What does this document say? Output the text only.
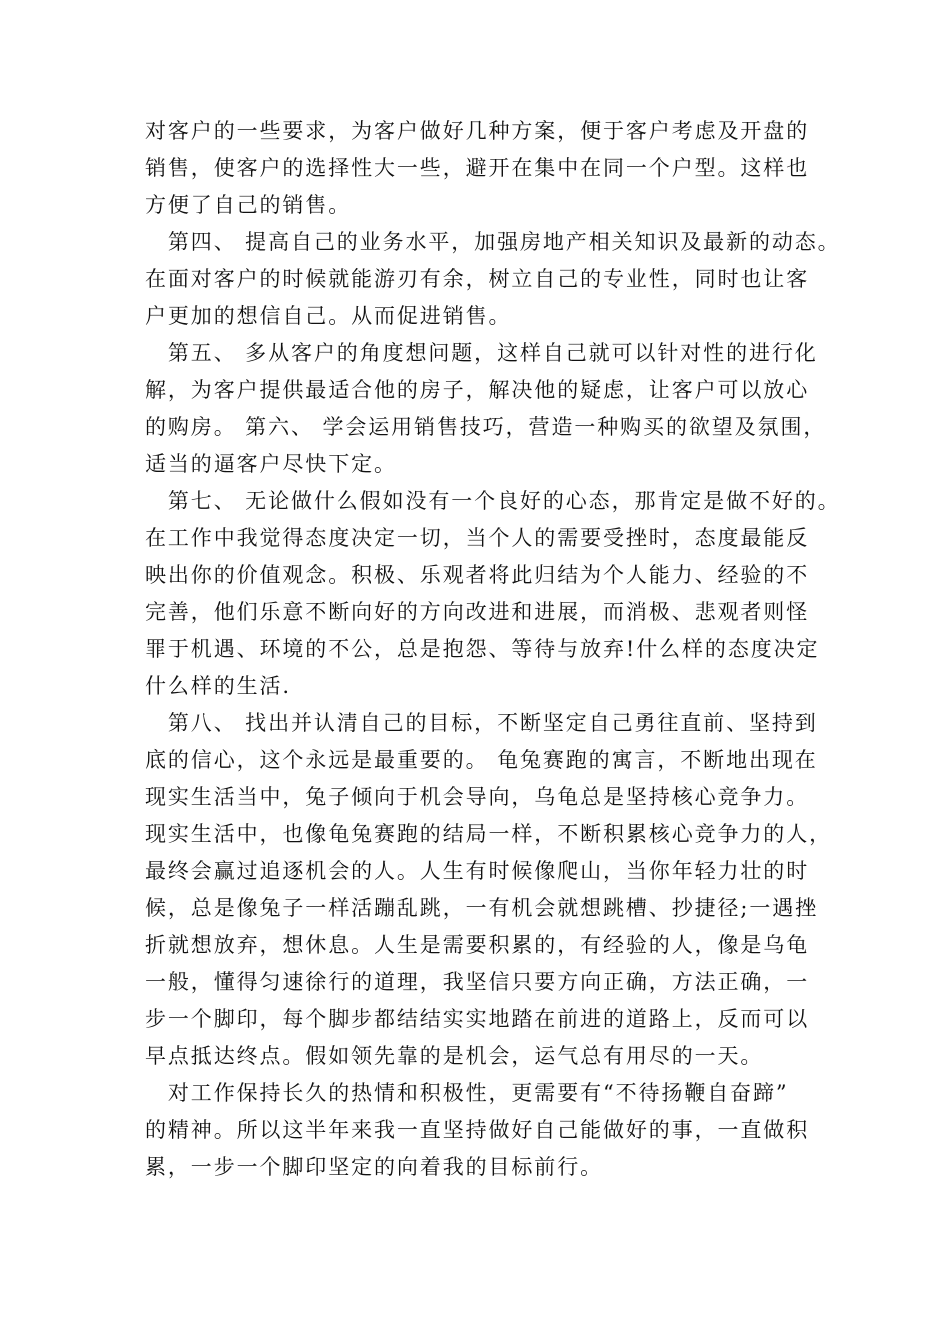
对客户的一些要求，为客户做好几种方案，便于客户考虑及开盘的
销售，使客户的选择性大一些，避开在集中在同一个户型。这样也
方便了自己的销售。
　第四、 提高自己的业务水平，加强房地产相关知识及最新的动态。
在面对客户的时候就能游刃有余，树立自己的专业性，同时也让客
户更加的想信自己。从而促进销售。
　第五、 多从客户的角度想问题，这样自己就可以针对性的进行化
解，为客户提供最适合他的房子，解决他的疑虑，让客户可以放心
的购房。 第六、 学会运用销售技巧，营造一种购买的欲望及氛围，
适当的逼客户尽快下定。
　第七、 无论做什么假如没有一个良好的心态，那肯定是做不好的。
在工作中我觉得态度决定一切，当个人的需要受挫时，态度最能反
映出你的价值观念。积极、乐观者将此归结为个人能力、经验的不
完善，他们乐意不断向好的方向改进和进展，而消极、悲观者则怪
罪于机遇、环境的不公，总是抱怨、等待与放弃!什么样的态度决定
什么样的生活.
　第八、 找出并认清自己的目标，不断坚定自己勇往直前、坚持到
底的信心，这个永远是最重要的。 龟兔赛跑的寓言，不断地出现在
现实生活当中，兔子倾向于机会导向，乌龟总是坚持核心竞争力。
现实生活中，也像龟兔赛跑的结局一样，不断积累核心竞争力的人，
最终会赢过追逐机会的人。人生有时候像爬山，当你年轻力壮的时
候，总是像兔子一样活蹦乱跳，一有机会就想跳槽、抄捷径;一遇挫
折就想放弃，想休息。人生是需要积累的，有经验的人，像是乌龟
一般，懂得匀速徐行的道理，我坚信只要方向正确，方法正确，一
步一个脚印，每个脚步都结结实实地踏在前进的道路上，反而可以
早点抵达终点。假如领先靠的是机会，运气总有用尽的一天。
　对工作保持长久的热情和积极性，更需要有“不待扬鞭自奋蹄”
的精神。所以这半年来我一直坚持做好自己能做好的事，一直做积
累，一步一个脚印坚定的向着我的目标前行。
